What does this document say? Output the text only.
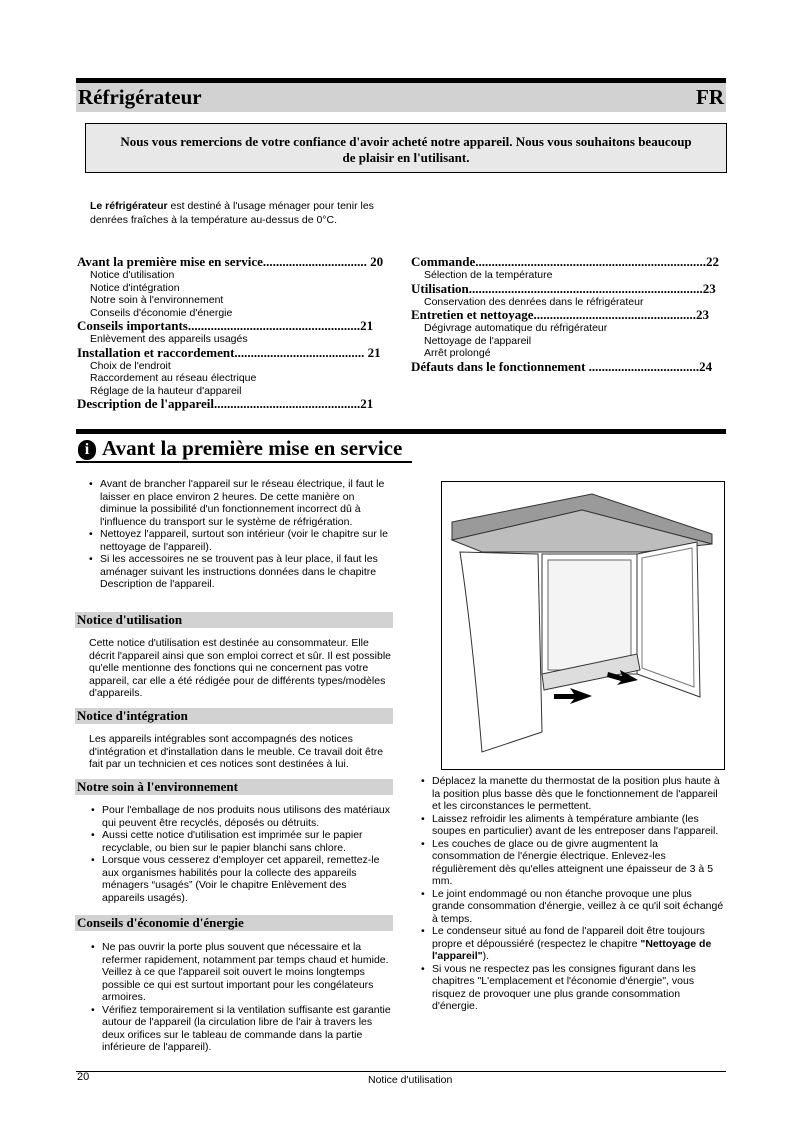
Réfrigérateur	FR
Nous vous remercions de votre confiance d'avoir acheté notre appareil. Nous vous souhaitons beaucoup de plaisir en l'utilisant.
Le réfrigérateur est destiné à l'usage ménager pour tenir les denrées fraîches à la température au-dessus de 0°C.
Avant la première mise en service................................ 20
Notice d'utilisation
Notice d'intégration
Notre soin à l'environnement
Conseils d'économie d'énergie
Conseils importants.....................................................21
Enlèvement des appareils usagés
Installation et raccordement........................................ 21
Choix de l'endroit
Raccordement au réseau électrique
Réglage de la hauteur d'appareil
Description de l'appareil.............................................21
Commande.......................................................................22
Sélection de la température
Utilisation........................................................................23
Conservation des denrées dans le réfrigérateur
Entretien et nettoyage..................................................23
Dégivrage automatique du réfrigérateur
Nettoyage de l'appareil
Arrêt prolongé
Défauts dans le fonctionnement ..................................24
i Avant la première mise en service
• Avant de brancher l'appareil sur le réseau électrique, il faut le laisser en place environ 2 heures. De cette manière on diminue la possibilité d'un fonctionnement incorrect dû à l'influence du transport sur le système de réfrigération.
• Nettoyez l'appareil, surtout son intérieur (voir le chapitre sur le nettoyage de l'appareil).
• Si les accessoires ne se trouvent pas à leur place, il faut les aménager suivant les instructions données dans le chapitre Description de l'appareil.
Notice d'utilisation
Cette notice d'utilisation est destinée au consommateur. Elle décrit l'appareil ainsi que son emploi correct et sûr. Il est possible qu'elle mentionne des fonctions qui ne concernent pas votre appareil, car elle a été rédigée pour de différents types/modèles d'appareils.
Notice d'intégration
Les appareils intégrables sont accompagnés des notices d'intégration et d'installation dans le meuble. Ce travail doit être fait par un technicien et ces notices sont destinées à lui.
Notre soin à l'environnement
• Pour l'emballage de nos produits nous utilisons des matériaux qui peuvent être recyclés, déposés ou détruits.
• Aussi cette notice d'utilisation est imprimée sur le papier recyclable, ou bien sur le papier blanchi sans chlore.
• Lorsque vous cesserez d'employer cet appareil, remettez-le aux organismes habilités pour la collecte des appareils ménagers “usagés” (Voir le chapitre Enlèvement des appareils usagés).
Conseils d'économie d'énergie
• Ne pas ouvrir la porte plus souvent que nécessaire et la refermer rapidement, notamment par temps chaud et humide. Veillez à ce que l'appareil soit ouvert le moins longtemps possible ce qui est surtout important pour les congélateurs armoires.
• Vérifiez temporairement si la ventilation suffisante est garantie autour de l'appareil (la circulation libre de l'air à travers les deux orifices sur le tableau de commande dans la partie inférieure de l'appareil).
• Déplacez la manette du thermostat de la position plus haute à la position plus basse dès que le fonctionnement de l'appareil et les circonstances le permettent.
• Laissez refroidir les aliments à température ambiante (les soupes en particulier) avant de les entreposer dans l'appareil.
• Les couches de glace ou de givre augmentent la consommation de l'énergie électrique. Enlevez-les régulièrement dès qu'elles atteignent une épaisseur de 3 à 5 mm.
• Le joint endommagé ou non étanche provoque une plus grande consommation d'énergie, veillez à ce qu'il soit échangé à temps.
• Le condenseur situé au fond de l'appareil doit être toujours propre et dépoussiéré (respectez le chapitre "Nettoyage de l'appareil").
• Si vous ne respectez pas les consignes figurant dans les chapitres "L'emplacement et l'économie d'énergie", vous risquez de provoquer une plus grande consommation d'énergie.
20	Notice d'utilisation
